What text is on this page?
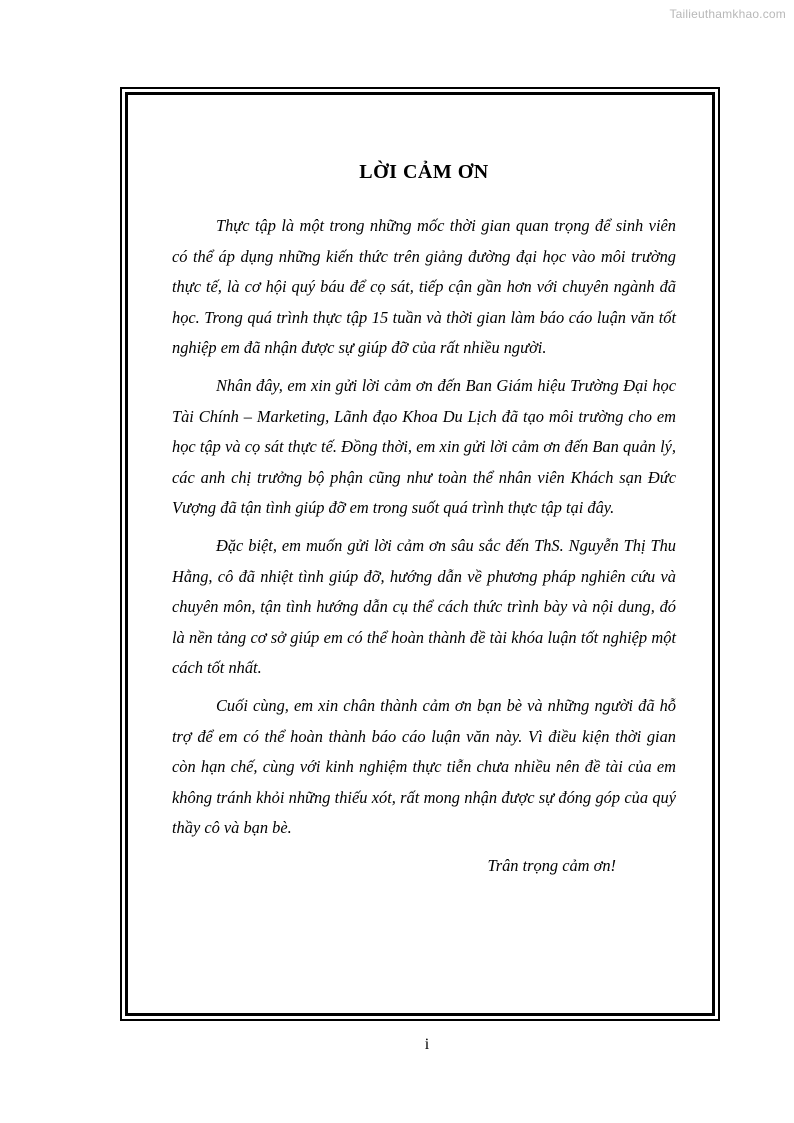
Tailieuthamkhao.com
LỜI CẢM ƠN

Thực tập là một trong những mốc thời gian quan trọng để sinh viên có thể áp dụng những kiến thức trên giảng đường đại học vào môi trường thực tế, là cơ hội quý báu để cọ sát, tiếp cận gần hơn với chuyên ngành đã học. Trong quá trình thực tập 15 tuần và thời gian làm báo cáo luận văn tốt nghiệp em đã nhận được sự giúp đỡ của rất nhiều người.

Nhân đây, em xin gửi lời cảm ơn đến Ban Giám hiệu Trường Đại học Tài Chính – Marketing, Lãnh đạo Khoa Du Lịch đã tạo môi trường cho em học tập và cọ sát thực tế. Đồng thời, em xin gửi lời cảm ơn đến Ban quản lý, các anh chị trưởng bộ phận cũng như toàn thể nhân viên Khách sạn Đức Vượng đã tận tình giúp đỡ em trong suốt quá trình thực tập tại đây.

Đặc biệt, em muốn gửi lời cảm ơn sâu sắc đến ThS. Nguyễn Thị Thu Hằng, cô đã nhiệt tình giúp đỡ, hướng dẫn về phương pháp nghiên cứu và chuyên môn, tận tình hướng dẫn cụ thể cách thức trình bày và nội dung, đó là nền tảng cơ sở giúp em có thể hoàn thành đề tài khóa luận tốt nghiệp một cách tốt nhất.

Cuối cùng, em xin chân thành cảm ơn bạn bè và những người đã hỗ trợ để em có thể hoàn thành báo cáo luận văn này. Vì điều kiện thời gian còn hạn chế, cùng với kinh nghiệm thực tiễn chưa nhiều nên đề tài của em không tránh khỏi những thiếu xót, rất mong nhận được sự đóng góp của quý thầy cô và bạn bè.

Trân trọng cảm ơn!

i
